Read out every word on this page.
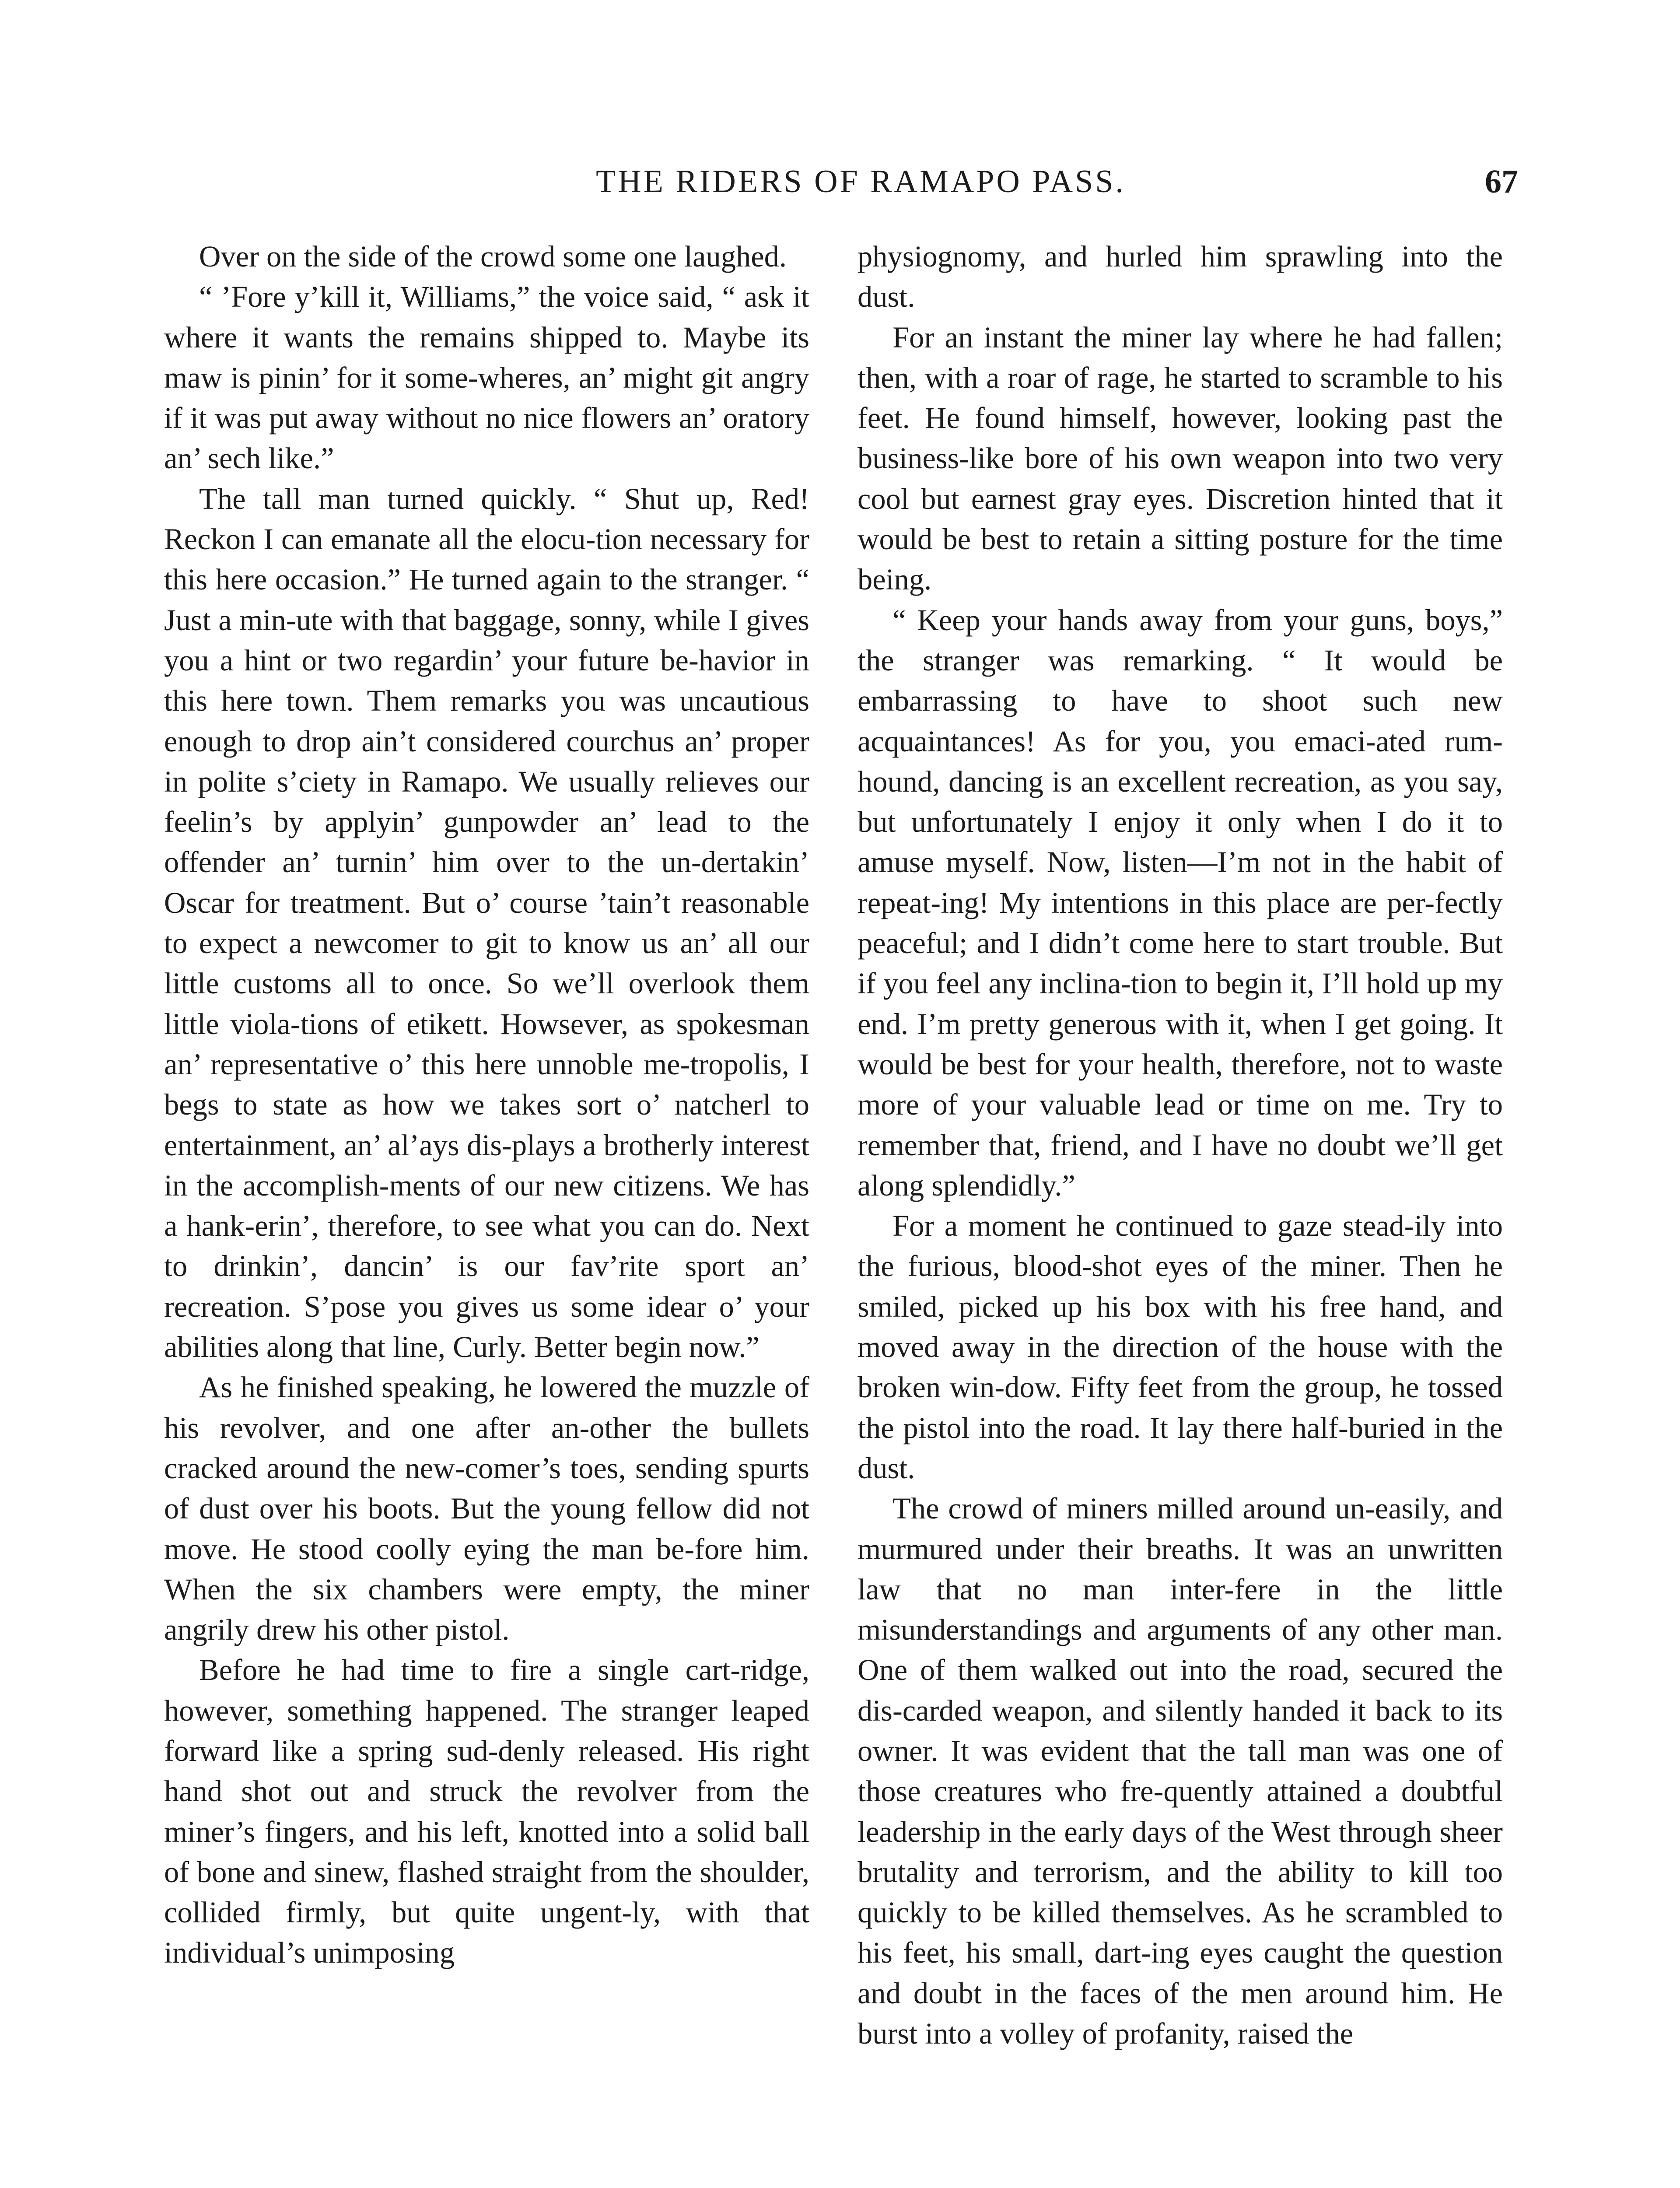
THE RIDERS OF RAMAPO PASS.	67

Over on the side of the crowd some one laughed.

“ ’Fore y’kill it, Williams,” the voice said, “ ask it where it wants the remains shipped to. Maybe its maw is pinin’ for it some-wheres, an’ might git angry if it was put away without no nice flowers an’ oratory an’ sech like.”

The tall man turned quickly. “ Shut up, Red! Reckon I can emanate all the elocu-tion necessary for this here occasion.” He turned again to the stranger. “ Just a min-ute with that baggage, sonny, while I gives you a hint or two regardin’ your future be-havior in this here town. Them remarks you was uncautious enough to drop ain’t considered courchus an’ proper in polite s’ciety in Ramapo. We usually relieves our feelin’s by applyin’ gunpowder an’ lead to the offender an’ turnin’ him over to the un-dertakin’ Oscar for treatment. But o’ course ’tain’t reasonable to expect a newcomer to git to know us an’ all our little customs all to once. So we’ll overlook them little viola-tions of etikett. Howsever, as spokesman an’ representative o’ this here unnoble me-tropolis, I begs to state as how we takes sort o’ natcherl to entertainment, an’ al’ays dis-plays a brotherly interest in the accomplish-ments of our new citizens. We has a hank-erin’, therefore, to see what you can do. Next to drinkin’, dancin’ is our fav’rite sport an’ recreation. S’pose you gives us some idear o’ your abilities along that line, Curly. Better begin now.”

As he finished speaking, he lowered the muzzle of his revolver, and one after an-other the bullets cracked around the new-comer’s toes, sending spurts of dust over his boots. But the young fellow did not move. He stood coolly eying the man be-fore him. When the six chambers were empty, the miner angrily drew his other pistol.

Before he had time to fire a single cart-ridge, however, something happened. The stranger leaped forward like a spring sud-denly released. His right hand shot out and struck the revolver from the miner’s fingers, and his left, knotted into a solid ball of bone and sinew, flashed straight from the shoulder, collided firmly, but quite ungent-ly, with that individual’s unimposing

physiognomy, and hurled him sprawling into the dust.

For an instant the miner lay where he had fallen; then, with a roar of rage, he started to scramble to his feet. He found himself, however, looking past the business-like bore of his own weapon into two very cool but earnest gray eyes. Discretion hinted that it would be best to retain a sitting posture for the time being.

“ Keep your hands away from your guns, boys,” the stranger was remarking. “ It would be embarrassing to have to shoot such new acquaintances! As for you, you emaci-ated rum-hound, dancing is an excellent recreation, as you say, but unfortunately I enjoy it only when I do it to amuse myself. Now, listen—I’m not in the habit of repeat-ing! My intentions in this place are per-fectly peaceful; and I didn’t come here to start trouble. But if you feel any inclina-tion to begin it, I’ll hold up my end. I’m pretty generous with it, when I get going. It would be best for your health, therefore, not to waste more of your valuable lead or time on me. Try to remember that, friend, and I have no doubt we’ll get along splendidly.”

For a moment he continued to gaze stead-ily into the furious, blood-shot eyes of the miner. Then he smiled, picked up his box with his free hand, and moved away in the direction of the house with the broken win-dow. Fifty feet from the group, he tossed the pistol into the road. It lay there half-buried in the dust.

The crowd of miners milled around un-easily, and murmured under their breaths. It was an unwritten law that no man inter-fere in the little misunderstandings and arguments of any other man. One of them walked out into the road, secured the dis-carded weapon, and silently handed it back to its owner. It was evident that the tall man was one of those creatures who fre-quently attained a doubtful leadership in the early days of the West through sheer brutality and terrorism, and the ability to kill too quickly to be killed themselves. As he scrambled to his feet, his small, dart-ing eyes caught the question and doubt in the faces of the men around him. He burst into a volley of profanity, raised the
